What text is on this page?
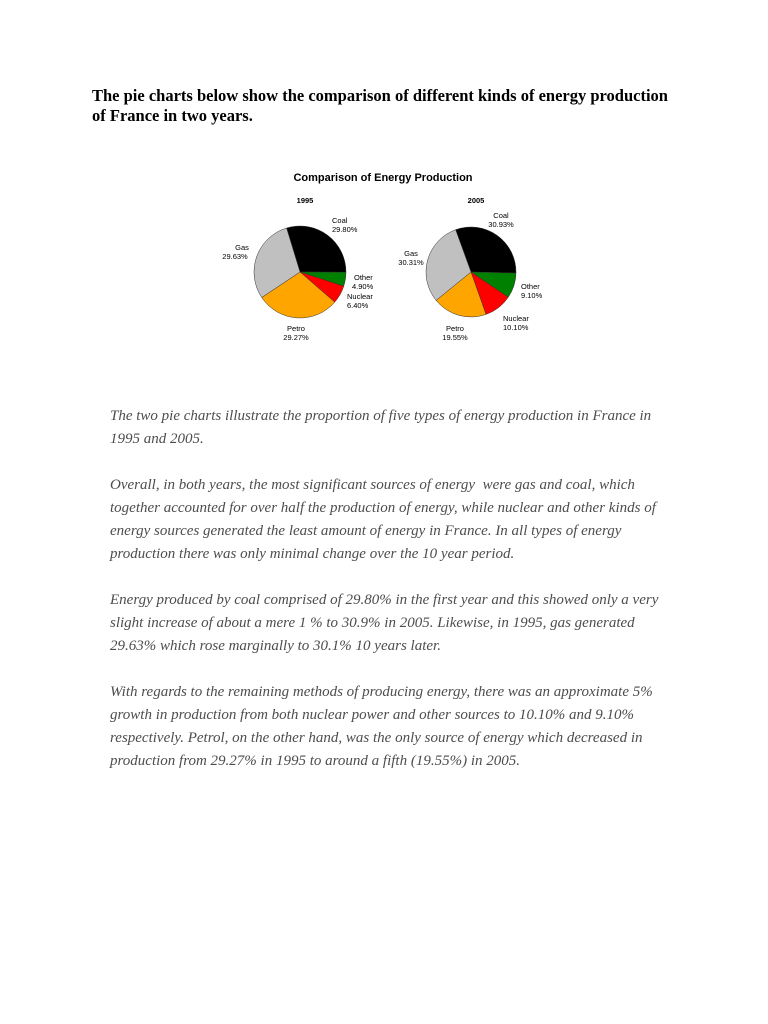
The pie charts below show the comparison of different kinds of energy production
of France in two years.
Comparison of Energy Production
1995
Coal
29.80%
Other
4.90%
Nuclear
6.40%
Petro
29.27%
Gas
29.63%
2005
Coal
30.93%
Other
9.10%
Nuclear
10.10%
Petro
19.55%
Gas
30.31%

The two pie charts illustrate the proportion of five types of energy production in France in
1995 and 2005.

Overall, in both years, the most significant sources of energy  were gas and coal, which
together accounted for over half the production of energy, while nuclear and other kinds of
energy sources generated the least amount of energy in France. In all types of energy
production there was only minimal change over the 10 year period.

Energy produced by coal comprised of 29.80% in the first year and this showed only a very
slight increase of about a mere 1 % to 30.9% in 2005. Likewise, in 1995, gas generated
29.63% which rose marginally to 30.1% 10 years later.

With regards to the remaining methods of producing energy, there was an approximate 5%
growth in production from both nuclear power and other sources to 10.10% and 9.10%
respectively. Petrol, on the other hand, was the only source of energy which decreased in
production from 29.27% in 1995 to around a fifth (19.55%) in 2005.
